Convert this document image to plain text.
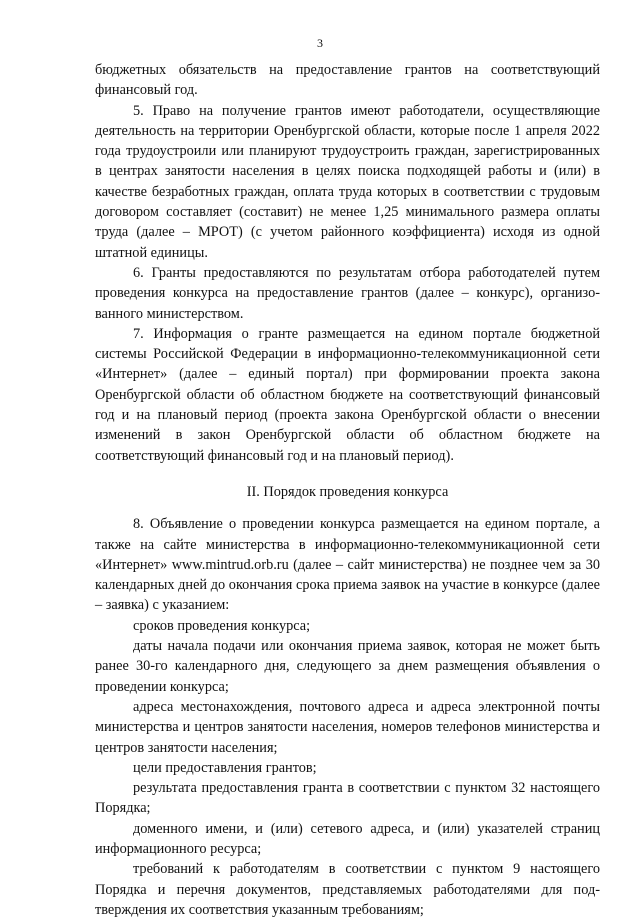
3

бюджетных обязательств на предоставление грантов на соответствующий финансовый год.

5. Право на получение грантов имеют работодатели, осуществляющие деятельность на территории Оренбургской области, которые после 1 апреля 2022 года трудоустроили или планируют трудоустроить граждан, зарегистрированных в центрах занятости населения в целях поиска подходящей работы и (или) в качестве безработных граждан, оплата труда которых в соответствии с трудовым договором составляет (составит) не менее 1,25 минимального размера оплаты труда (далее – МРОТ) (с учетом районного коэффициента) исходя из одной штатной единицы.

6. Гранты предоставляются по результатам отбора работодателей путем проведения конкурса на предоставление грантов (далее – конкурс), организованного министерством.

7. Информация о гранте размещается на едином портале бюджетной системы Российской Федерации в информационно-телекоммуникационной сети «Интернет» (далее – единый портал) при формировании проекта закона Оренбургской области об областном бюджете на соответствующий финансовый год и на плановый период (проекта закона Оренбургской области о внесении изменений в закон Оренбургской области об областном бюджете на соответствующий финансовый год и на плановый период).

II. Порядок проведения конкурса

8. Объявление о проведении конкурса размещается на едином портале, а также на сайте министерства в информационно-телекоммуникационной сети «Интернет» www.mintrud.orb.ru (далее – сайт министерства) не позднее чем за 30 календарных дней до окончания срока приема заявок на участие в конкурсе (далее – заявка) с указанием:

сроков проведения конкурса;

даты начала подачи или окончания приема заявок, которая не может быть ранее 30-го календарного дня, следующего за днем размещения объявления о проведении конкурса;

адреса местонахождения, почтового адреса и адреса электронной почты министерства и центров занятости населения, номеров телефонов министерства и центров занятости населения;

цели предоставления грантов;

результата предоставления гранта в соответствии с пунктом 32 настоящего Порядка;

доменного имени, и (или) сетевого адреса, и (или) указателей страниц информационного ресурса;

требований к работодателям в соответствии с пунктом 9 настоящего Порядка и перечня документов, представляемых работодателями для подтверждения их соответствия указанным требованиям;
